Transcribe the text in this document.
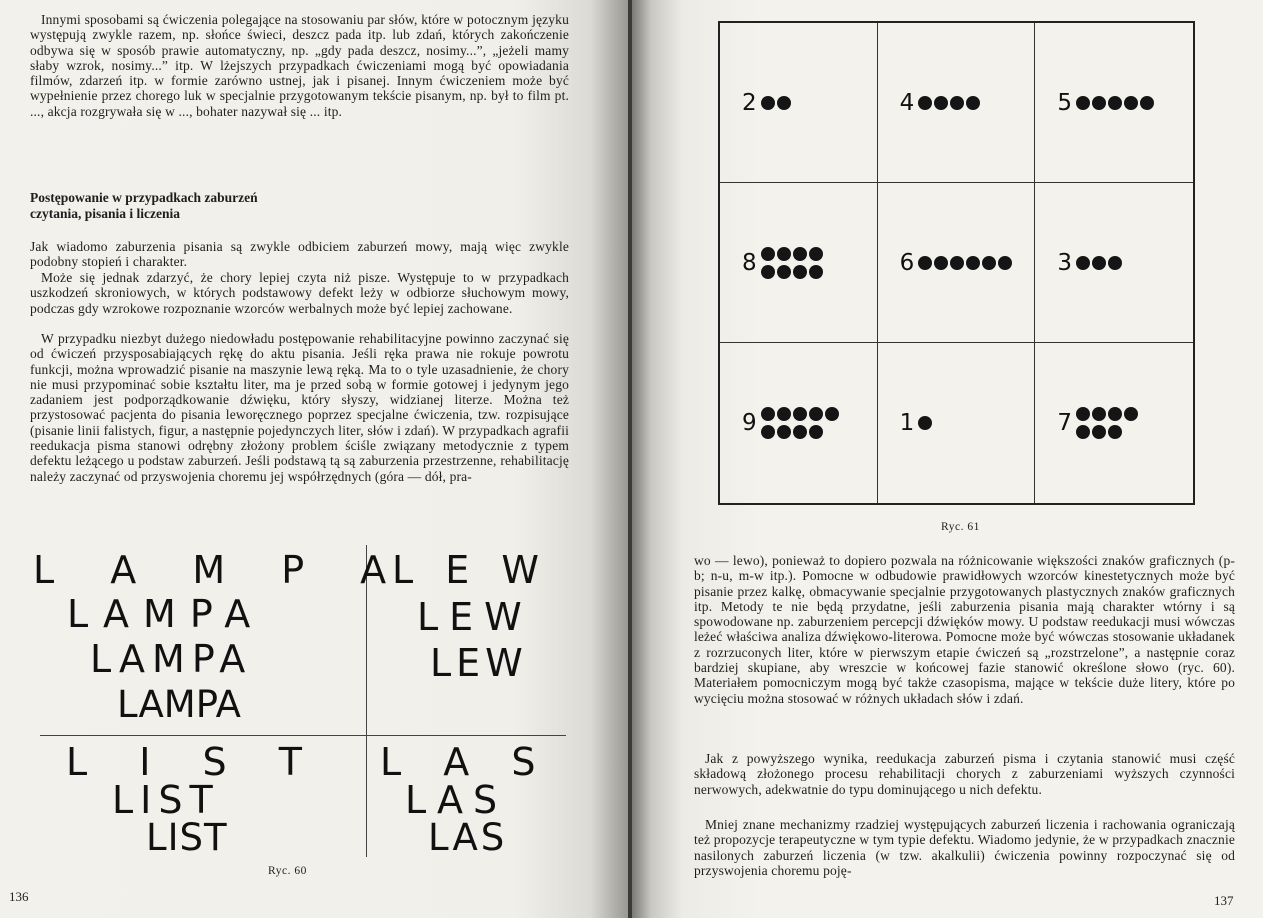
Innymi sposobami są ćwiczenia polegające na stosowaniu par słów, które w potocznym języku występują zwykle razem, np. słońce świeci, deszcz pada itp. lub zdań, których zakończenie odbywa się w sposób prawie automatyczny, np. „gdy pada deszcz, nosimy...”, „jeżeli mamy słaby wzrok, nosimy...” itp. W lżejszych przypadkach ćwiczeniami mogą być opowiadania filmów, zdarzeń itp. w formie zarówno ustnej, jak i pisanej. Innym ćwiczeniem może być wypełnienie przez chorego luk w specjalnie przygotowanym tekście pisanym, np. był to film pt. ..., akcja rozgrywała się w ..., bohater nazywał się ... itp.

Postępowanie w przypadkach zaburzeń
czytania, pisania i liczenia

Jak wiadomo zaburzenia pisania są zwykle odbiciem zaburzeń mowy, mają więc zwykle podobny stopień i charakter.

Może się jednak zdarzyć, że chory lepiej czyta niż pisze. Występuje to w przypadkach uszkodzeń skroniowych, w których podstawowy defekt leży w odbiorze słuchowym mowy, podczas gdy wzrokowe rozpoznanie wzorców werbalnych może być lepiej zachowane.

W przypadku niezbyt dużego niedowładu postępowanie rehabilitacyjne powinno zaczynać się od ćwiczeń przysposabiających rękę do aktu pisania. Jeśli ręka prawa nie rokuje powrotu funkcji, można wprowadzić pisanie na maszynie lewą ręką. Ma to o tyle uzasadnienie, że chory nie musi przypominać sobie kształtu liter, ma je przed sobą w formie gotowej i jedynym jego zadaniem jest podporządkowanie dźwięku, który słyszy, widzianej literze. Można też przystosować pacjenta do pisania leworęcznego poprzez specjalne ćwiczenia, tzw. rozpisujące (pisanie linii falistych, figur, a następnie pojedynczych liter, słów i zdań). W przypadkach agrafii reedukacja pisma stanowi odrębny złożony problem ściśle związany metodycznie z typem defektu leżącego u podstaw zaburzeń. Jeśli podstawą tą są zaburzenia przestrzenne, rehabilitację należy zaczynać od przyswojenia choremu jej współrzędnych (góra — dół, pra-

L A M P A

LAMPA

LAMPA

LAMPA

L E W

LEW

LEW

L I S T

LIST

LIST

L A S

LAS

LAS

Ryc. 60
136
2	4	5
8	6	3
9	1	7
Ryc. 61

wo — lewo), ponieważ to dopiero pozwala na różnicowanie większości znaków graficznych (p-b; n-u, m-w itp.). Pomocne w odbudowie prawidłowych wzorców kinestetycznych może być pisanie przez kalkę, obmacywanie specjalnie przygotowanych plastycznych znaków graficznych itp. Metody te nie będą przydatne, jeśli zaburzenia pisania mają charakter wtórny i są spowodowane np. zaburzeniem percepcji dźwięków mowy. U podstaw reedukacji musi wówczas leżeć właściwa analiza dźwiękowo-literowa. Pomocne może być wówczas stosowanie układanek z rozrzuconych liter, które w pierwszym etapie ćwiczeń są „rozstrzelone”, a następnie coraz bardziej skupiane, aby wreszcie w końcowej fazie stanowić określone słowo (ryc. 60). Materiałem pomocniczym mogą być także czasopisma, mające w tekście duże litery, które po wycięciu można stosować w różnych układach słów i zdań.

Jak z powyższego wynika, reedukacja zaburzeń pisma i czytania stanowić musi część składową złożonego procesu rehabilitacji chorych z zaburzeniami wyższych czynności nerwowych, adekwatnie do typu dominującego u nich defektu.

Mniej znane mechanizmy rzadziej występujących zaburzeń liczenia i rachowania ograniczają też propozycje terapeutyczne w tym typie defektu. Wiadomo jedynie, że w przypadkach znacznie nasilonych zaburzeń liczenia (w tzw. akalkulii) ćwiczenia powinny rozpoczynać się od przyswojenia choremu poję-

137
